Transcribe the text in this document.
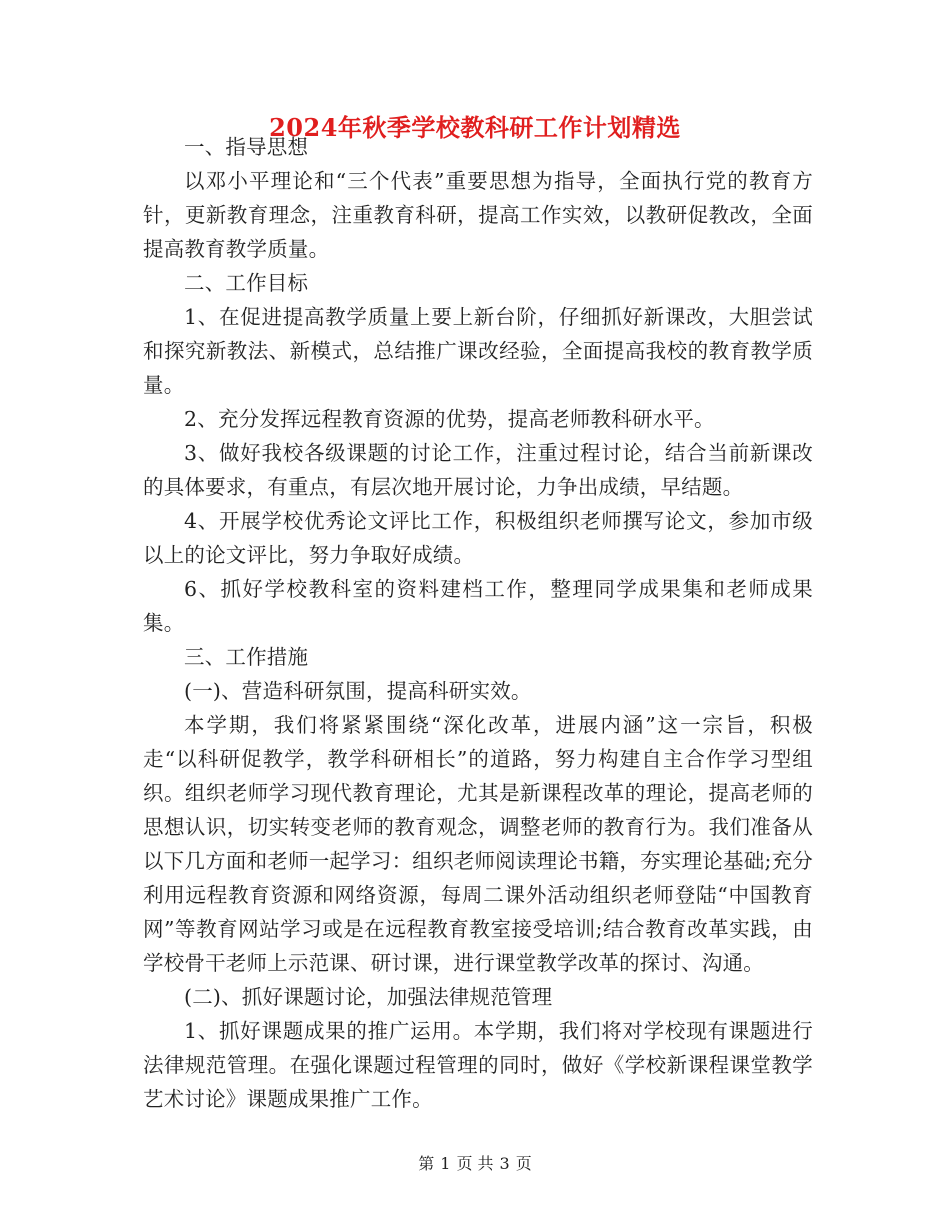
2024年秋季学校教科研工作计划精选

一、指导思想

以邓小平理论和“三个代表”重要思想为指导，全面执行党的教育方针，更新教育理念，注重教育科研，提高工作实效，以教研促教改，全面提高教育教学质量。

二、工作目标

1、在促进提高教学质量上要上新台阶，仔细抓好新课改，大胆尝试和探究新教法、新模式，总结推广课改经验，全面提高我校的教育教学质量。

2、充分发挥远程教育资源的优势，提高老师教科研水平。

3、做好我校各级课题的讨论工作，注重过程讨论，结合当前新课改的具体要求，有重点，有层次地开展讨论，力争出成绩，早结题。

4、开展学校优秀论文评比工作，积极组织老师撰写论文，参加市级以上的论文评比，努力争取好成绩。

6、抓好学校教科室的资料建档工作，整理同学成果集和老师成果集。

三、工作措施

(一)、营造科研氛围，提高科研实效。

本学期，我们将紧紧围绕“深化改革，进展内涵”这一宗旨，积极走“以科研促教学，教学科研相长”的道路，努力构建自主合作学习型组织。组织老师学习现代教育理论，尤其是新课程改革的理论，提高老师的思想认识，切实转变老师的教育观念，调整老师的教育行为。我们准备从以下几方面和老师一起学习：组织老师阅读理论书籍，夯实理论基础;充分利用远程教育资源和网络资源，每周二课外活动组织老师登陆“中国教育网”等教育网站学习或是在远程教育教室接受培训;结合教育改革实践，由学校骨干老师上示范课、研讨课，进行课堂教学改革的探讨、沟通。

(二)、抓好课题讨论，加强法律规范管理

1、抓好课题成果的推广运用。本学期，我们将对学校现有课题进行法律规范管理。在强化课题过程管理的同时，做好《学校新课程课堂教学艺术讨论》课题成果推广工作。

第 1 页 共 3 页
